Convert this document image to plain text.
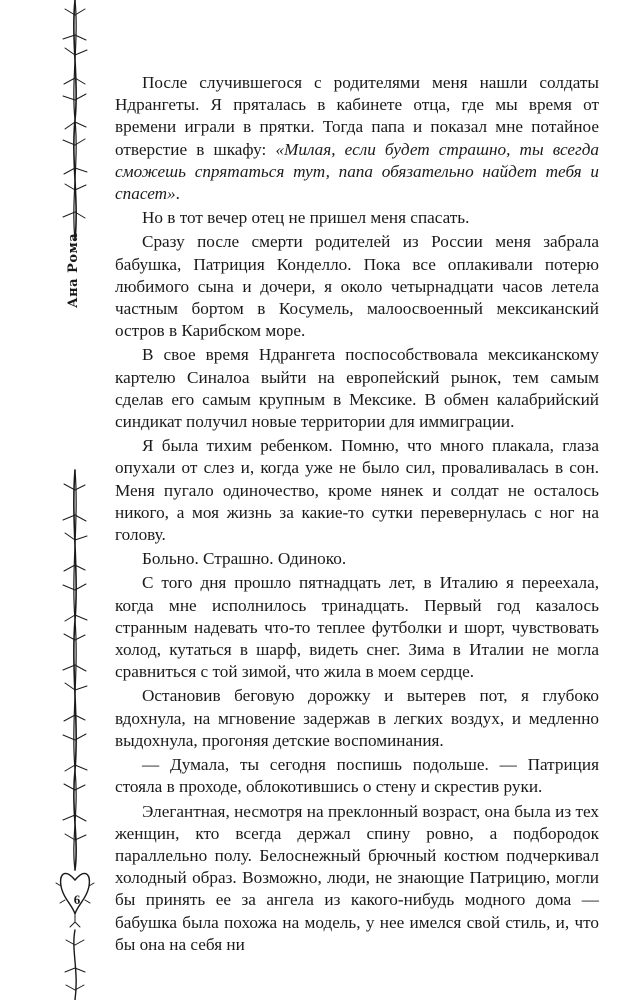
Ана Рома
6

После случившегося с родителями меня нашли солдаты Ндрангеты. Я пряталась в кабинете отца, где мы время от времени играли в прятки. Тогда папа и показал мне потайное отверстие в шкафу: «Милая, если будет страшно, ты всегда сможешь спрятаться тут, папа обязательно найдет тебя и спасет».

Но в тот вечер отец не пришел меня спасать.

Сразу после смерти родителей из России меня забрала бабушка, Патриция Конделло. Пока все оплакивали потерю любимого сына и дочери, я около четырнадцати часов летела частным бортом в Косумель, малоосвоенный мексиканский остров в Карибском море.

В свое время Ндрангета поспособствовала мексиканскому картелю Синалоа выйти на европейский рынок, тем самым сделав его самым крупным в Мексике. В обмен калабрийский синдикат получил новые территории для иммиграции.

Я была тихим ребенком. Помню, что много плакала, глаза опухали от слез и, когда уже не было сил, проваливалась в сон. Меня пугало одиночество, кроме нянек и солдат не осталось никого, а моя жизнь за какие-то сутки перевернулась с ног на голову.

Больно. Страшно. Одиноко.

С того дня прошло пятнадцать лет, в Италию я переехала, когда мне исполнилось тринадцать. Первый год казалось странным надевать что-то теплее футболки и шорт, чувствовать холод, кутаться в шарф, видеть снег. Зима в Италии не могла сравниться с той зимой, что жила в моем сердце.

Остановив беговую дорожку и вытерев пот, я глубоко вдохнула, на мгновение задержав в легких воздух, и медленно выдохнула, прогоняя детские воспоминания.

— Думала, ты сегодня поспишь подольше. — Патриция стояла в проходе, облокотившись о стену и скрестив руки.

Элегантная, несмотря на преклонный возраст, она была из тех женщин, кто всегда держал спину ровно, а подбородок параллельно полу. Белоснежный брючный костюм подчеркивал холодный образ. Возможно, люди, не знающие Патрицию, могли бы принять ее за ангела из какого-нибудь модного дома — бабушка была похожа на модель, у нее имелся свой стиль, и, что бы она на себя ни
